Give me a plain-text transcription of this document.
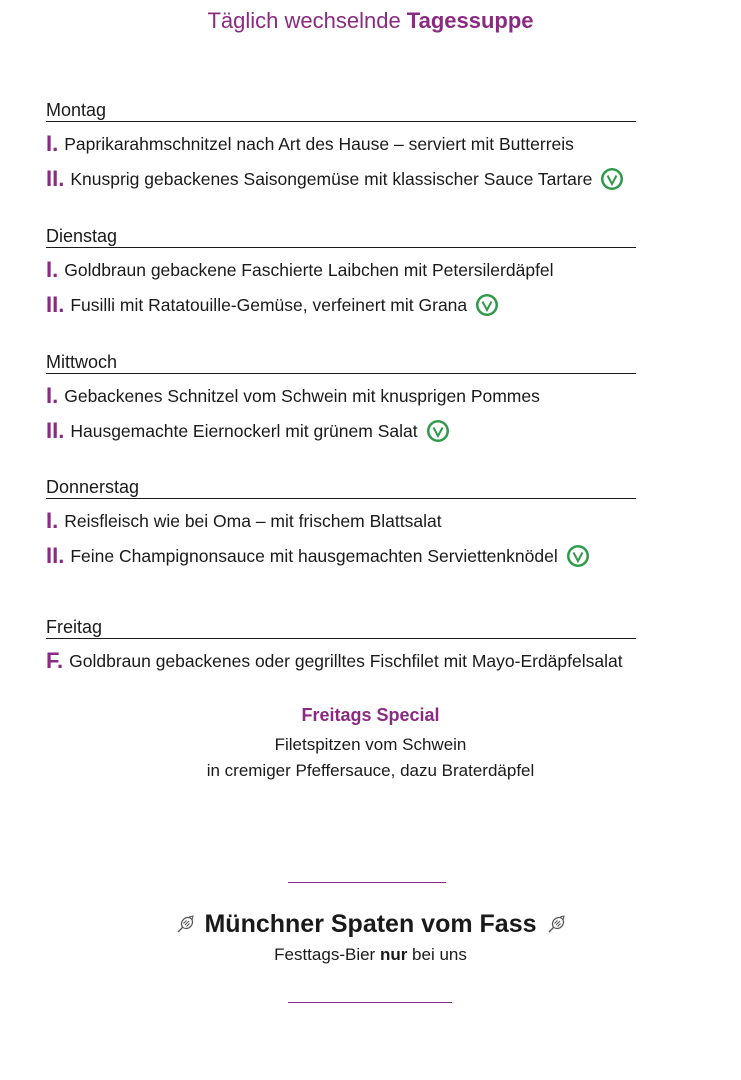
Täglich wechselnde Tagessuppe
Montag
I. Paprikarahmschnitzel nach Art des Hause – serviert mit Butterreis
II. Knusprig gebackenes Saisongemüse mit klassischer Sauce Tartare
Dienstag
I. Goldbraun gebackene Faschierte Laibchen mit Petersilerdäpfel
II. Fusilli mit Ratatouille-Gemüse, verfeinert mit Grana
Mittwoch
I. Gebackenes Schnitzel vom Schwein mit knusprigen Pommes
II. Hausgemachte Eiernockerl mit grünem Salat
Donnerstag
I. Reisfleisch wie bei Oma – mit frischem Blattsalat
II. Feine Champignonsauce mit hausgemachten Serviettenknödel
Freitag
F. Goldbraun gebackenes oder gegrilltes Fischfilet mit Mayo-Erdäpfelsalat
Freitags Special
Filetspitzen vom Schwein
in cremiger Pfeffersauce, dazu Braterdäpfel
Münchner Spaten vom Fass
Festtags-Bier nur bei uns
